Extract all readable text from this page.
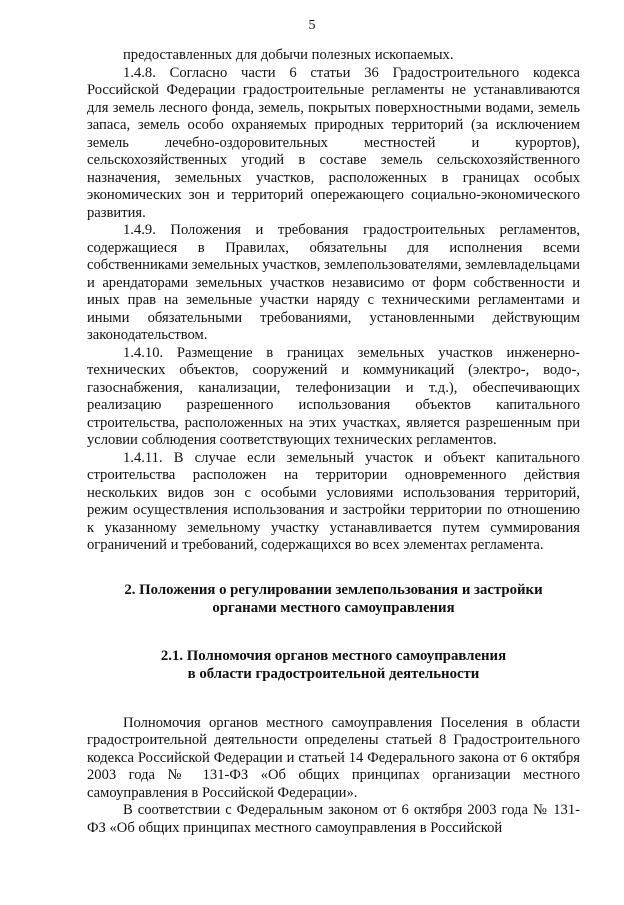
5

предоставленных для добычи полезных ископаемых.

1.4.8. Согласно части 6 статьи 36 Градостроительного кодекса Российской Федерации градостроительные регламенты не устанавливаются для земель лесного фонда, земель, покрытых поверхностными водами, земель запаса, земель особо охраняемых природных территорий (за исключением земель лечебно-оздоровительных местностей и курортов), сельскохозяйственных угодий в составе земель сельскохозяйственного назначения, земельных участков, расположенных в границах особых экономических зон и территорий опережающего социально-экономического развития.

1.4.9. Положения и требования градостроительных регламентов, содержащиеся в Правилах, обязательны для исполнения всеми собственниками земельных участков, землепользователями, землевладельцами и арендаторами земельных участков независимо от форм собственности и иных прав на земельные участки наряду с техническими регламентами и иными обязательными требованиями, установленными действующим законодательством.

1.4.10. Размещение в границах земельных участков инженерно-технических объектов, сооружений и коммуникаций (электро-, водо-, газоснабжения, канализации, телефонизации и т.д.), обеспечивающих реализацию разрешенного использования объектов капитального строительства, расположенных на этих участках, является разрешенным при условии соблюдения соответствующих технических регламентов.

1.4.11. В случае если земельный участок и объект капитального строительства расположен на территории одновременного действия нескольких видов зон с особыми условиями использования территорий, режим осуществления использования и застройки территории по отношению к указанному земельному участку устанавливается путем суммирования ограничений и требований, содержащихся во всех элементах регламента.

2. Положения о регулировании землепользования и застройки

органами местного самоуправления

2.1. Полномочия органов местного самоуправления

в области градостроительной деятельности

Полномочия органов местного самоуправления Поселения в области градостроительной деятельности определены статьей 8 Градостроительного кодекса Российской Федерации и статьей 14 Федерального закона от 6 октября 2003 года № 131-ФЗ «Об общих принципах организации местного самоуправления в Российской Федерации».

В соответствии с Федеральным законом от 6 октября 2003 года № 131-ФЗ «Об общих принципах местного самоуправления в Российской
